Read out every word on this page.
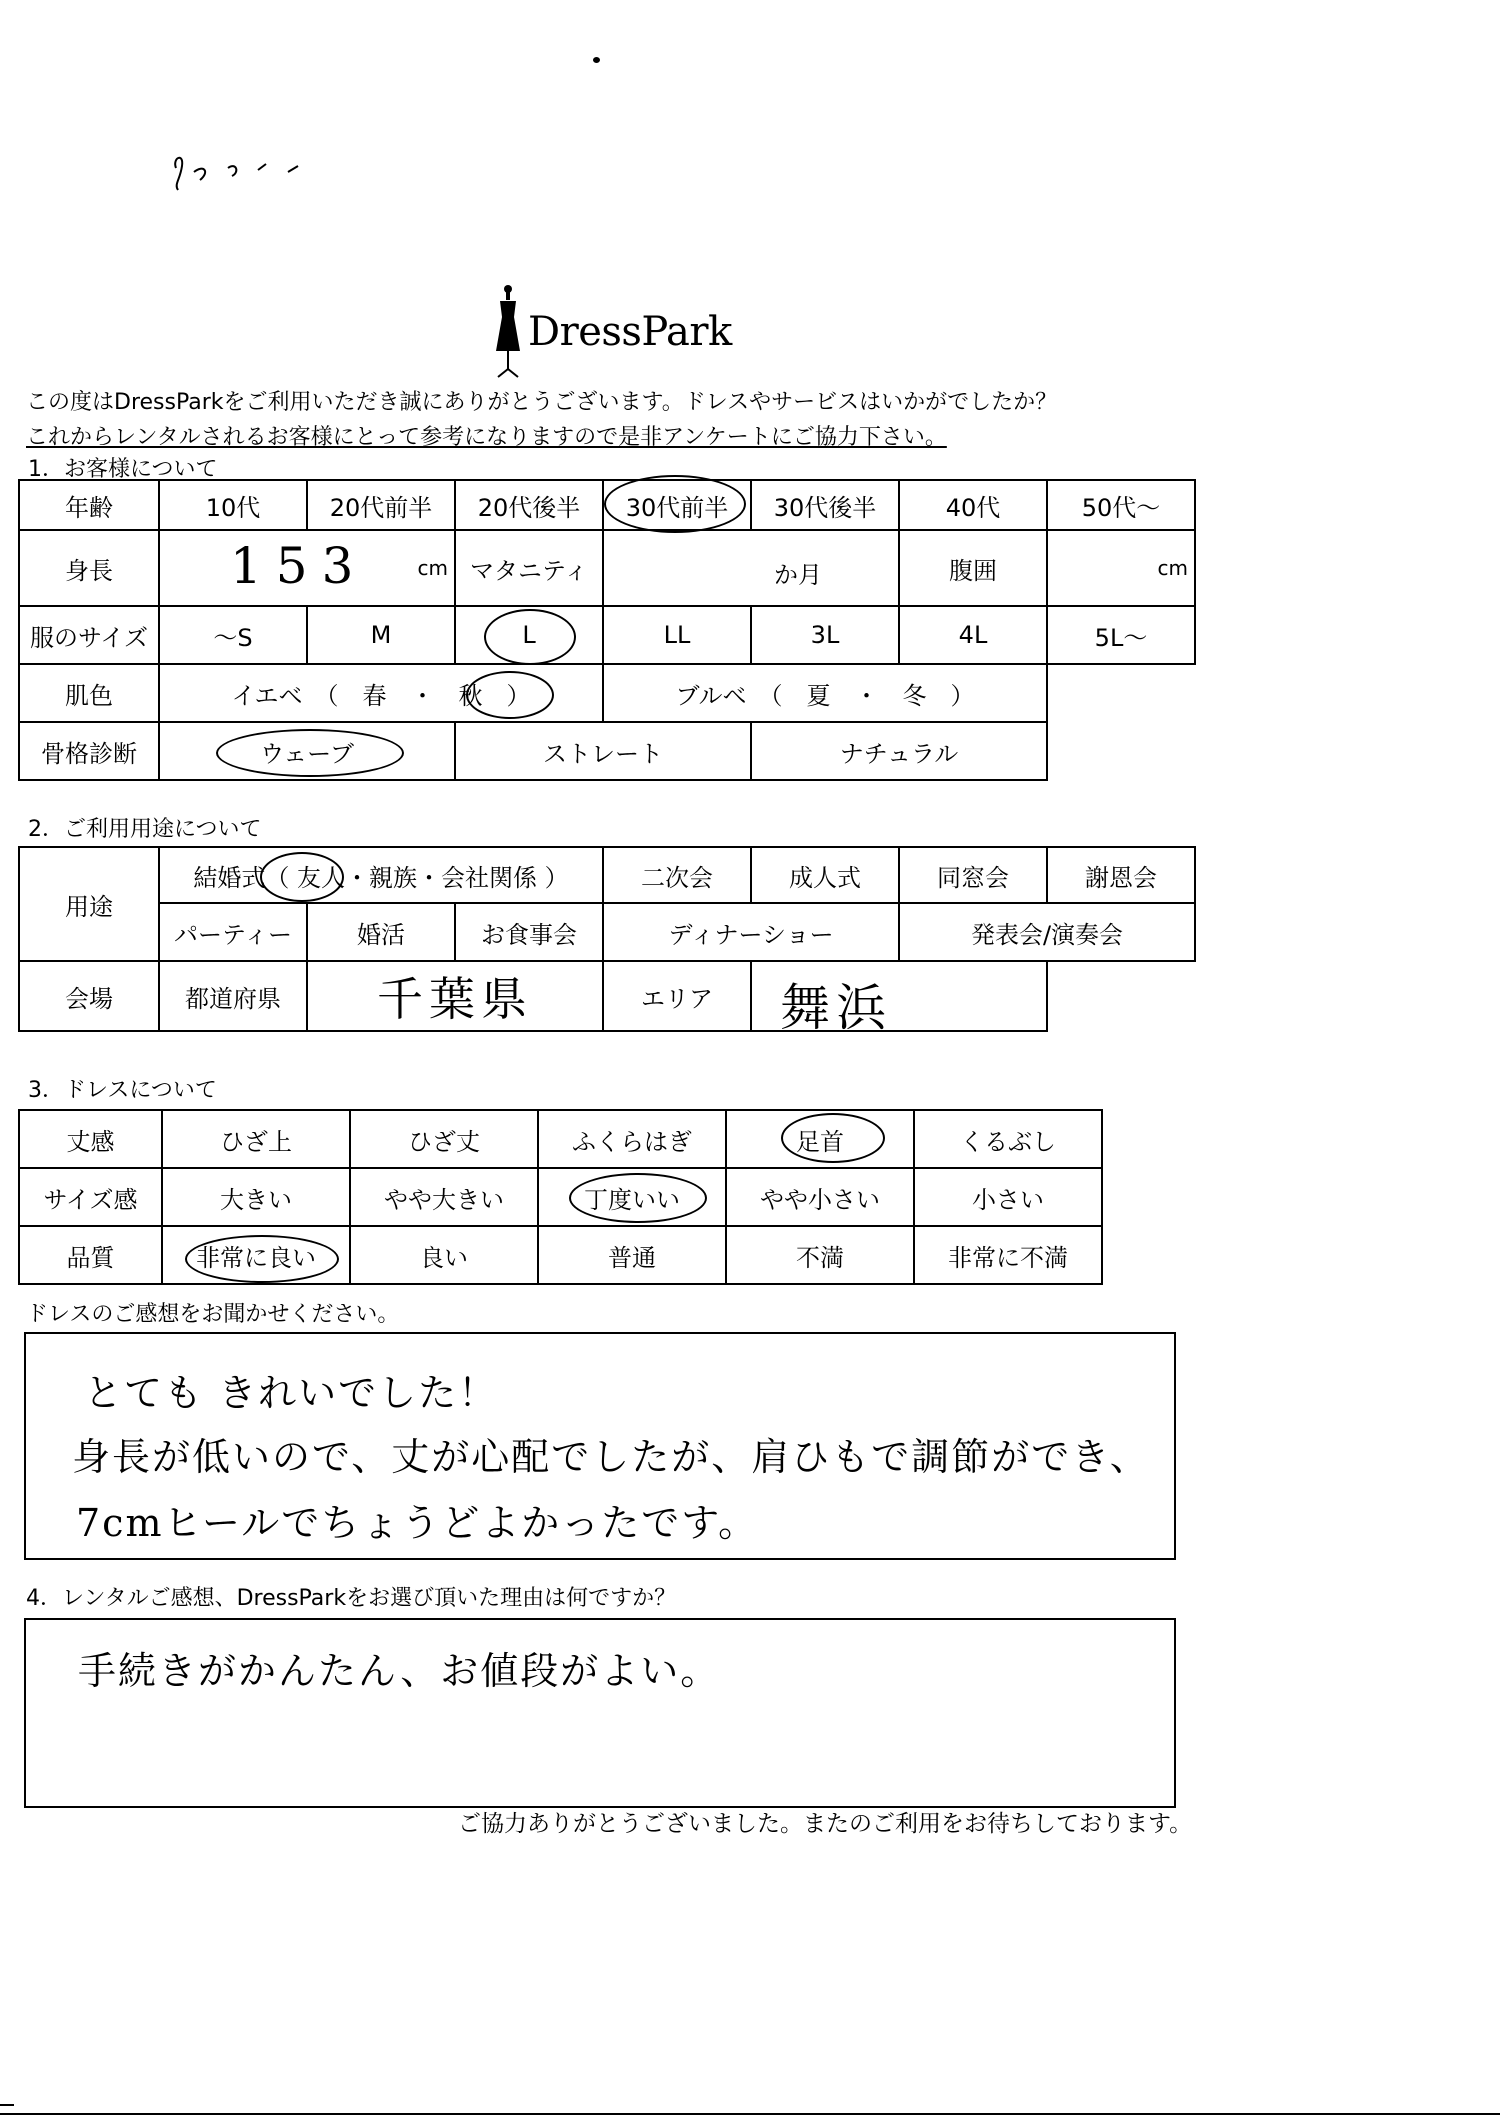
DressPark
この度はDressParkをご利用いただき誠にありがとうございます。ドレスやサービスはいかがでしたか？
これからレンタルされるお客様にとって参考になりますので是非アンケートにご協力下さい。
1．お客様について
年齢	10代	20代前半	20代後半	30代前半	30代後半	40代	50代～
身長	153 cm		マタニティ	か月		腹囲	cm

服のサイズ	～S	M	L	LL	3L	4L	5L～
肌色	イエベ　（　春　・　秋　）			ブルベ　（　夏　・　冬　）			
骨格診断	ウェーブ		ストレート		ナチュラル		
2．ご利用用途について
用途	結婚式（ 友人・親族・会社関係 ）			二次会	成人式	同窓会	謝恩会
	パーティー	婚活	お食事会	ディナーショー		発表会/演奏会	
会場	都道府県	千葉県		エリア	舞浜		

3．ドレスについて
丈感	ひざ上	ひざ丈	ふくらはぎ	足首	くるぶし
サイズ感	大きい	やや大きい	丁度いい	やや小さい	小さい
品質	非常に良い	良い	普通	不満	非常に不満
ドレスのご感想をお聞かせください。
とても きれいでした！
身長が低いので、丈が心配でしたが、肩ひもで調節ができ、
7cmヒールでちょうどよかったです。
4．レンタルご感想、DressParkをお選び頂いた理由は何ですか？
手続きがかんたん、お値段がよい。
ご協力ありがとうございました。またのご利用をお待ちしております。
